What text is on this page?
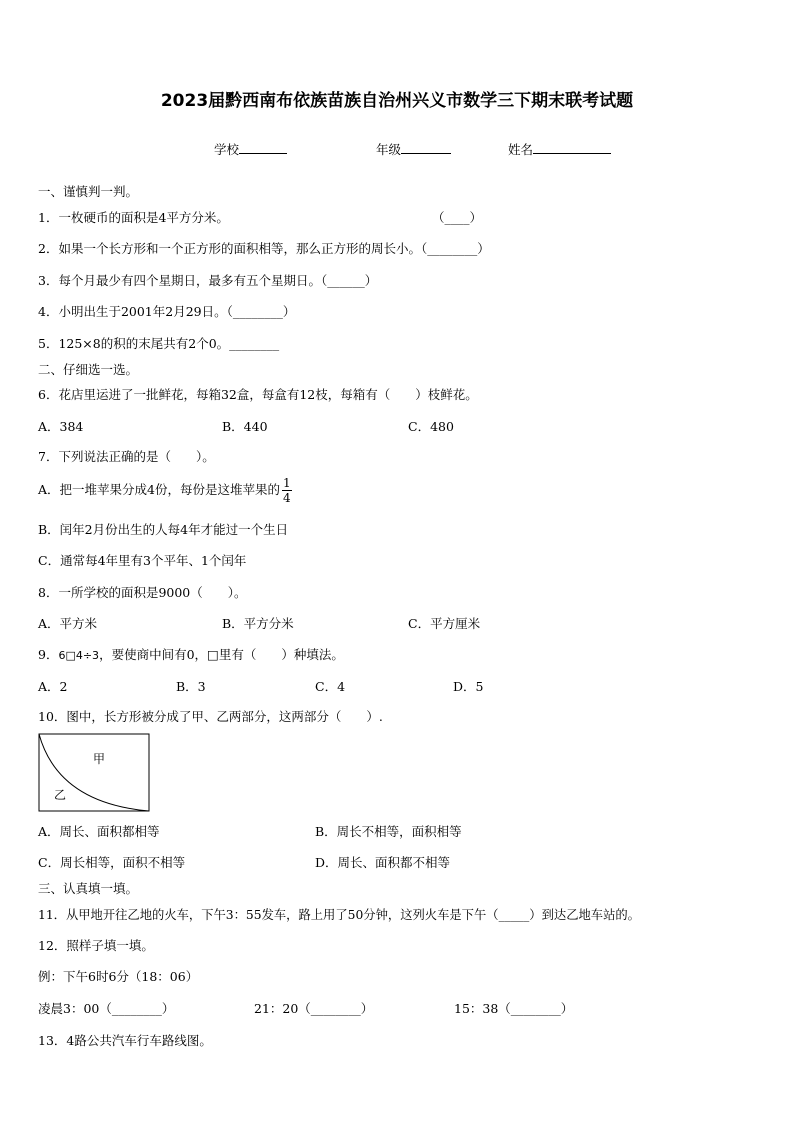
2023届黔西南布依族苗族自治州兴义市数学三下期末联考试题
学校	年级	姓名
一、谨慎判一判。
1．一枚硬币的面积是4平方分米。	（____）
2．如果一个长方形和一个正方形的面积相等，那么正方形的周长小。（________）
3．每个月最少有四个星期日，最多有五个星期日。（______）
4．小明出生于2001年2月29日。（________）
5．125×8的积的末尾共有2个0。________
二、仔细选一选。
6．花店里运进了一批鲜花，每箱32盒，每盒有12枝，每箱有（　　）枝鲜花。
A．384	B．440	C．480
7．下列说法正确的是（　　）。
A．把一堆苹果分成4份，每份是这堆苹果的 $\frac{1}{4}$
B．闰年2月份出生的人每4年才能过一个生日
C．通常每4年里有3个平年、1个闰年
8．一所学校的面积是9000（　　）。
A．平方米	B．平方分米	C．平方厘米
9．6□4÷3，要使商中间有0，□里有（　　）种填法。
A．2	B．3	C．4	D．5
10．图中，长方形被分成了甲、乙两部分，这两部分（　　）.
甲
乙
A．周长、面积都相等	B．周长不相等，面积相等
C．周长相等，面积不相等	D．周长、面积都不相等
三、认真填一填。
11．从甲地开往乙地的火车，下午3：55发车，路上用了50分钟，这列火车是下午（_____）到达乙地车站的。
12．照样子填一填。
例：下午6时6分（18：06）
凌晨3：00（________）	21：20（________）	15：38（________）
13．4路公共汽车行车路线图。
